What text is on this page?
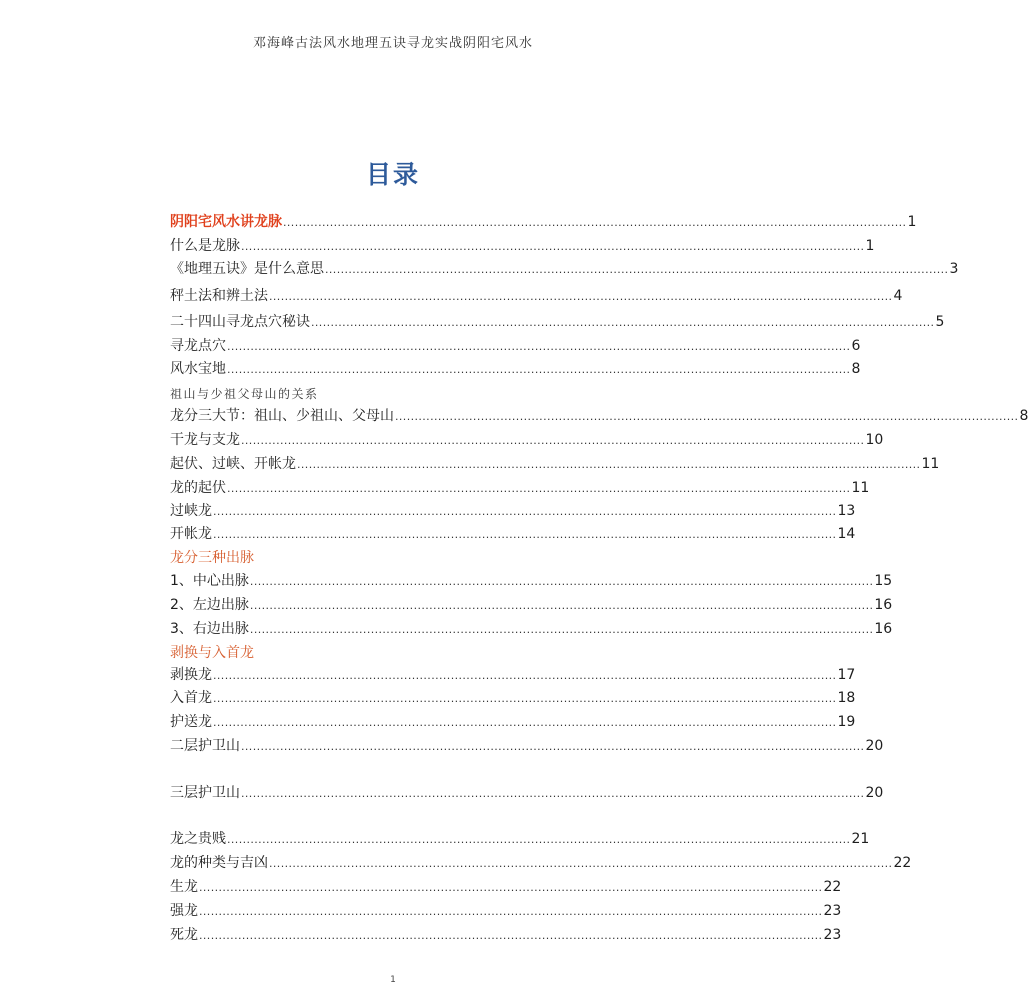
邓海峰古法风水地理五诀寻龙实战阴阳宅风水
目录
阴阳宅风水讲龙脉 ................................................................................................................................................................ 1
什么是龙脉 ................................................................................................................................................................ 1
《地理五诀》是什么意思 ................................................................................................................................................................ 3
秤土法和辨土法 ................................................................................................................................................................ 4
二十四山寻龙点穴秘诀 ................................................................................................................................................................ 5
寻龙点穴 ................................................................................................................................................................ 6
风水宝地 ................................................................................................................................................................ 8
祖山与少祖父母山的关系
龙分三大节：祖山、少祖山、父母山 ................................................................................................................................................................ 8
干龙与支龙 ................................................................................................................................................................ 10
起伏、过峡、开帐龙 ................................................................................................................................................................ 11
龙的起伏 ................................................................................................................................................................ 11
过峡龙 ................................................................................................................................................................ 13
开帐龙 ................................................................................................................................................................ 14
龙分三种出脉
1、中心出脉 ................................................................................................................................................................ 15
2、左边出脉 ................................................................................................................................................................ 16
3、右边出脉 ................................................................................................................................................................ 16
剥换与入首龙
剥换龙 ................................................................................................................................................................ 17
入首龙 ................................................................................................................................................................ 18
护送龙 ................................................................................................................................................................ 19
二层护卫山 ................................................................................................................................................................ 20
三层护卫山 ................................................................................................................................................................ 20
龙之贵贱 ................................................................................................................................................................ 21
龙的种类与吉凶 ................................................................................................................................................................ 22
生龙 ................................................................................................................................................................ 22
强龙 ................................................................................................................................................................ 23
死龙 ................................................................................................................................................................ 23
1
